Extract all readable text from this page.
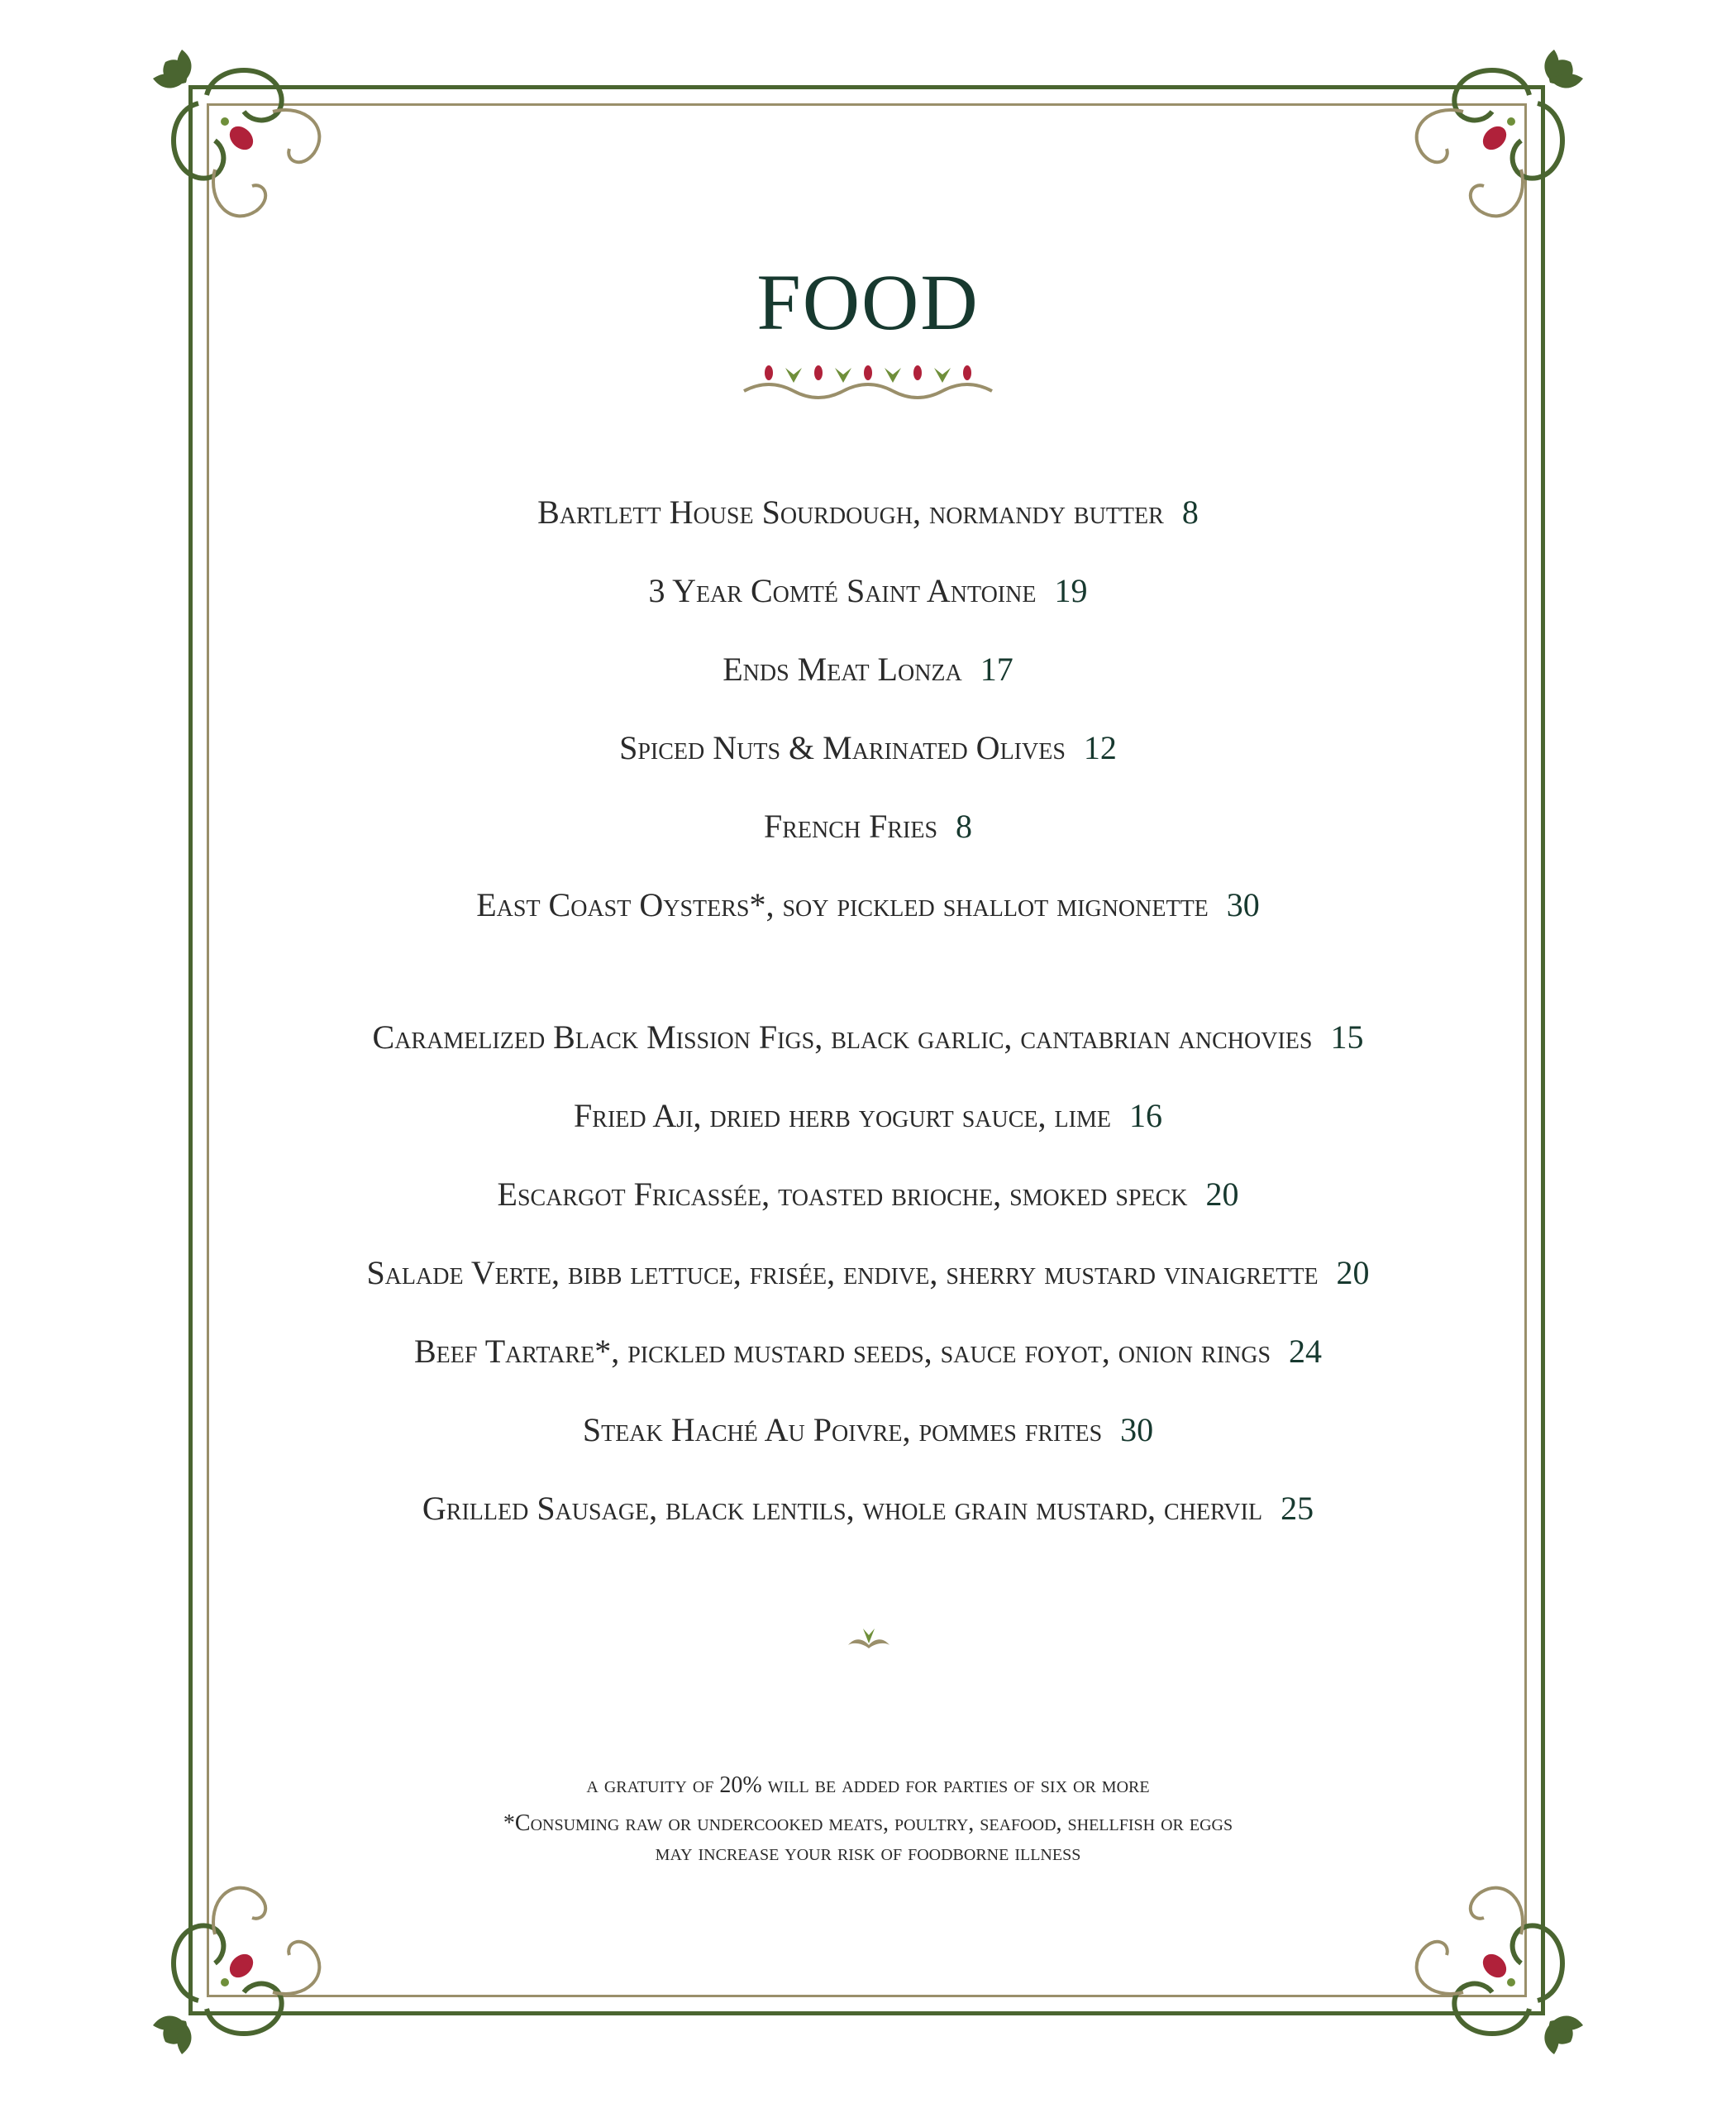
FOOD
Bartlett House Sourdough, normandy butter 8
3 Year Comté Saint Antoine 19
Ends Meat Lonza 17
Spiced Nuts & Marinated Olives 12
French Fries 8
East Coast Oysters*, soy pickled shallot mignonette 30
Caramelized Black Mission Figs, black garlic, cantabrian anchovies 15
Fried Aji, dried herb yogurt sauce, lime 16
Escargot Fricassée, toasted brioche, smoked speck 20
Salade Verte, bibb lettuce, frisée, endive, sherry mustard vinaigrette 20
Beef Tartare*, pickled mustard seeds, sauce foyot, onion rings 24
Steak Haché Au Poivre, pommes frites 30
Grilled Sausage, black lentils, whole grain mustard, chervil 25
a gratuity of 20% will be added for parties of six or more
*Consuming raw or undercooked meats, poultry, seafood, shellfish or eggs
may increase your risk of foodborne illness
